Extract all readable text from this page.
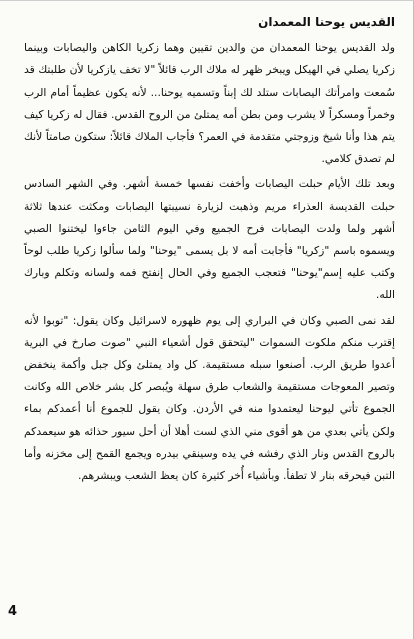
القديس يوحنا المعمدان

ولد القديس يوحنا المعمدان من والدين تقيين وهما زكريا الكاهن واليصابات وبينما زكريا يصلي في الهيكل ويبخر ظهر له ملاك الرب قائلاً "لا تخف يازكريا لأن طلبتك قد سُمعت وامرأتك اليصابات ستلد لك إبناً وتسميه يوحنا... لأنه يكون عظيماً أمام الرب وخمراً ومسكراً لا يشرب ومن بطن أمه يمتلئ من الروح القدس. فقال له زكريا كيف يتم هذا وأنا شيخ وزوجتي متقدمة في العمر؟ فأجاب الملاك قائلاً: ستكون صامتاً لأنك لم تصدق كلامي.

وبعد تلك الأيام حبلت اليصابات وأخفت نفسها خمسة أشهر. وفي الشهر السادس حبلت القديسة العذراء مريم وذهبت لزيارة نسيبتها اليصابات ومكثت عندها ثلاثة أشهر ولما ولدت اليصابات فرح الجميع وفي اليوم الثامن جاءوا ليختنوا الصبي ويسموه باسم "زكريا" فأجابت أمه لا بل يسمى "يوحنا" ولما سألوا زكريا طلب لوحاً وكتب عليه إسم"يوحنا" فتعجب الجميع وفي الحال إنفتح فمه ولسانه وتكلم وبارك الله.

لقد نمى الصبي وكان في البراري إلى يوم ظهوره لاسرائيل وكان يقول: "توبوا لأنه إقترب منكم ملكوت السموات "ليتحقق قول أشعياء النبي "صوت صارخ في البرية أعدوا طريق الرب. أصنعوا سبله مستقيمة. كل واد يمتلئ وكل جبل وأكمة ينخفض وتصير المعوجات مستقيمة والشعاب طرق سهلة ويُبصر كل بشر خلاص الله وكانت الجموع تأتي ليوحنا ليعتمدوا منه في الأردن. وكان يقول للجموع أنا أعمدكم بماء ولكن يأتي بعدي من هو أقوى مني الذي لست أهلا أن أحل سيور حذائه هو سيعمدكم بالروح القدس ونار الذي رفشه في يده وسينقي بيدره ويجمع القمح إلى مخزنه وأما التبن فيحرقه بنار لا تطفأ. وبأشياء أُخر كثيرة كان يعظ الشعب ويبشرهم.

4
